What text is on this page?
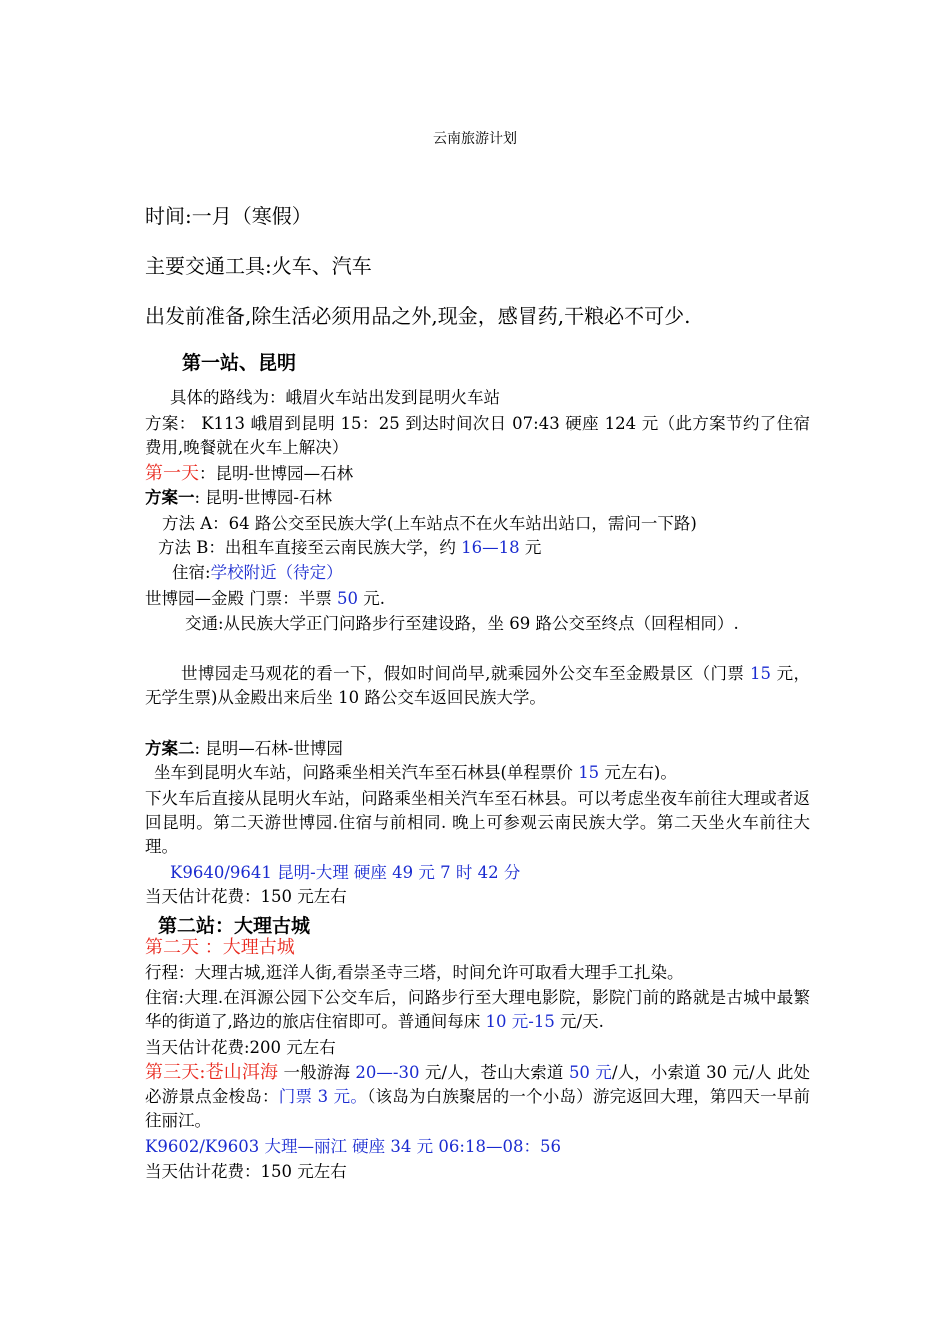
云南旅游计划
时间:一月（寒假）
主要交通工具:火车、汽车
出发前准备,除生活必须用品之外,现金，感冒药,干粮必不可少.
第一站、昆明
具体的路线为：峨眉火车站出发到昆明火车站
方案： K113 峨眉到昆明 15：25 到达时间次日 07:43 硬座 124 元（此方案节约了住宿费用,晚餐就在火车上解决）
第一天：昆明-世博园—石林
方案一: 昆明-世博园-石林
方法 A：64 路公交至民族大学(上车站点不在火车站出站口，需问一下路)
方法 B：出租车直接至云南民族大学，约 16—18 元
住宿:学校附近（待定）
世博园—金殿 门票：半票 50 元.
交通:从民族大学正门问路步行至建设路，坐 69 路公交至终点（回程相同）.
世博园走马观花的看一下，假如时间尚早,就乘园外公交车至金殿景区（门票 15 元，无学生票)从金殿出来后坐 10 路公交车返回民族大学。
方案二: 昆明—石林-世博园
坐车到昆明火车站，问路乘坐相关汽车至石林县(单程票价 15 元左右)。
下火车后直接从昆明火车站，问路乘坐相关汽车至石林县。可以考虑坐夜车前往大理或者返回昆明。第二天游世博园.住宿与前相同. 晚上可参观云南民族大学。第二天坐火车前往大理。
K9640/9641 昆明-大理 硬座 49 元 7 时 42 分
当天估计花费：150 元左右
第二站：大理古城
第二天 ：大理古城
行程：大理古城,逛洋人街,看崇圣寺三塔，时间允许可取看大理手工扎染。
住宿:大理.在洱源公园下公交车后，问路步行至大理电影院，影院门前的路就是古城中最繁华的街道了,路边的旅店住宿即可。普通间每床 10 元-15 元/天.
当天估计花费:200 元左右
第三天:苍山洱海 一般游海 20—-30 元/人，苍山大索道 50 元/人，小索道 30 元/人 此处必游景点金梭岛：门票 3 元。（该岛为白族聚居的一个小岛）游完返回大理，第四天一早前往丽江。
K9602/K9603 大理—丽江 硬座 34 元 06:18—08：56
当天估计花费：150 元左右
